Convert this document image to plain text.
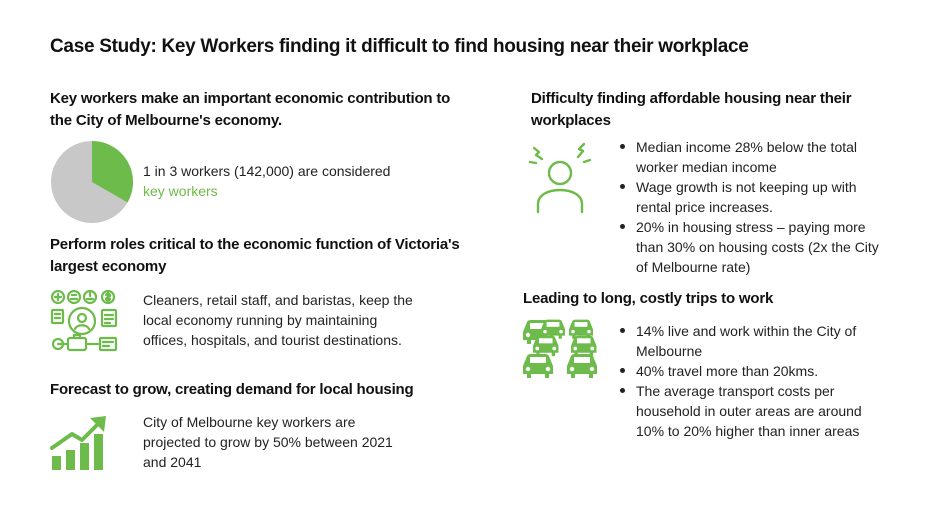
Case Study: Key Workers finding it difficult to find housing near their workplace
Key workers make an important economic contribution to
the City of Melbourne's economy.
1 in 3 workers (142,000) are considered
key workers
Perform roles critical to the economic function of Victoria's
largest economy
Cleaners, retail staff, and baristas, keep the
local economy running by maintaining
offices, hospitals, and tourist destinations.
Forecast to grow, creating demand for local housing
City of Melbourne key workers are
projected to grow by 50% between 2021
and 2041
Difficulty finding affordable housing near their
workplaces
Median income 28% below the total
worker median income
Wage growth is not keeping up with
rental price increases.
20% in housing stress – paying more
than 30% on housing costs (2x the City
of Melbourne rate)
Leading to long, costly trips to work
14% live and work within the City of
Melbourne
40% travel more than 20kms.
The average transport costs per
household in outer areas are around
10% to 20% higher than inner areas
